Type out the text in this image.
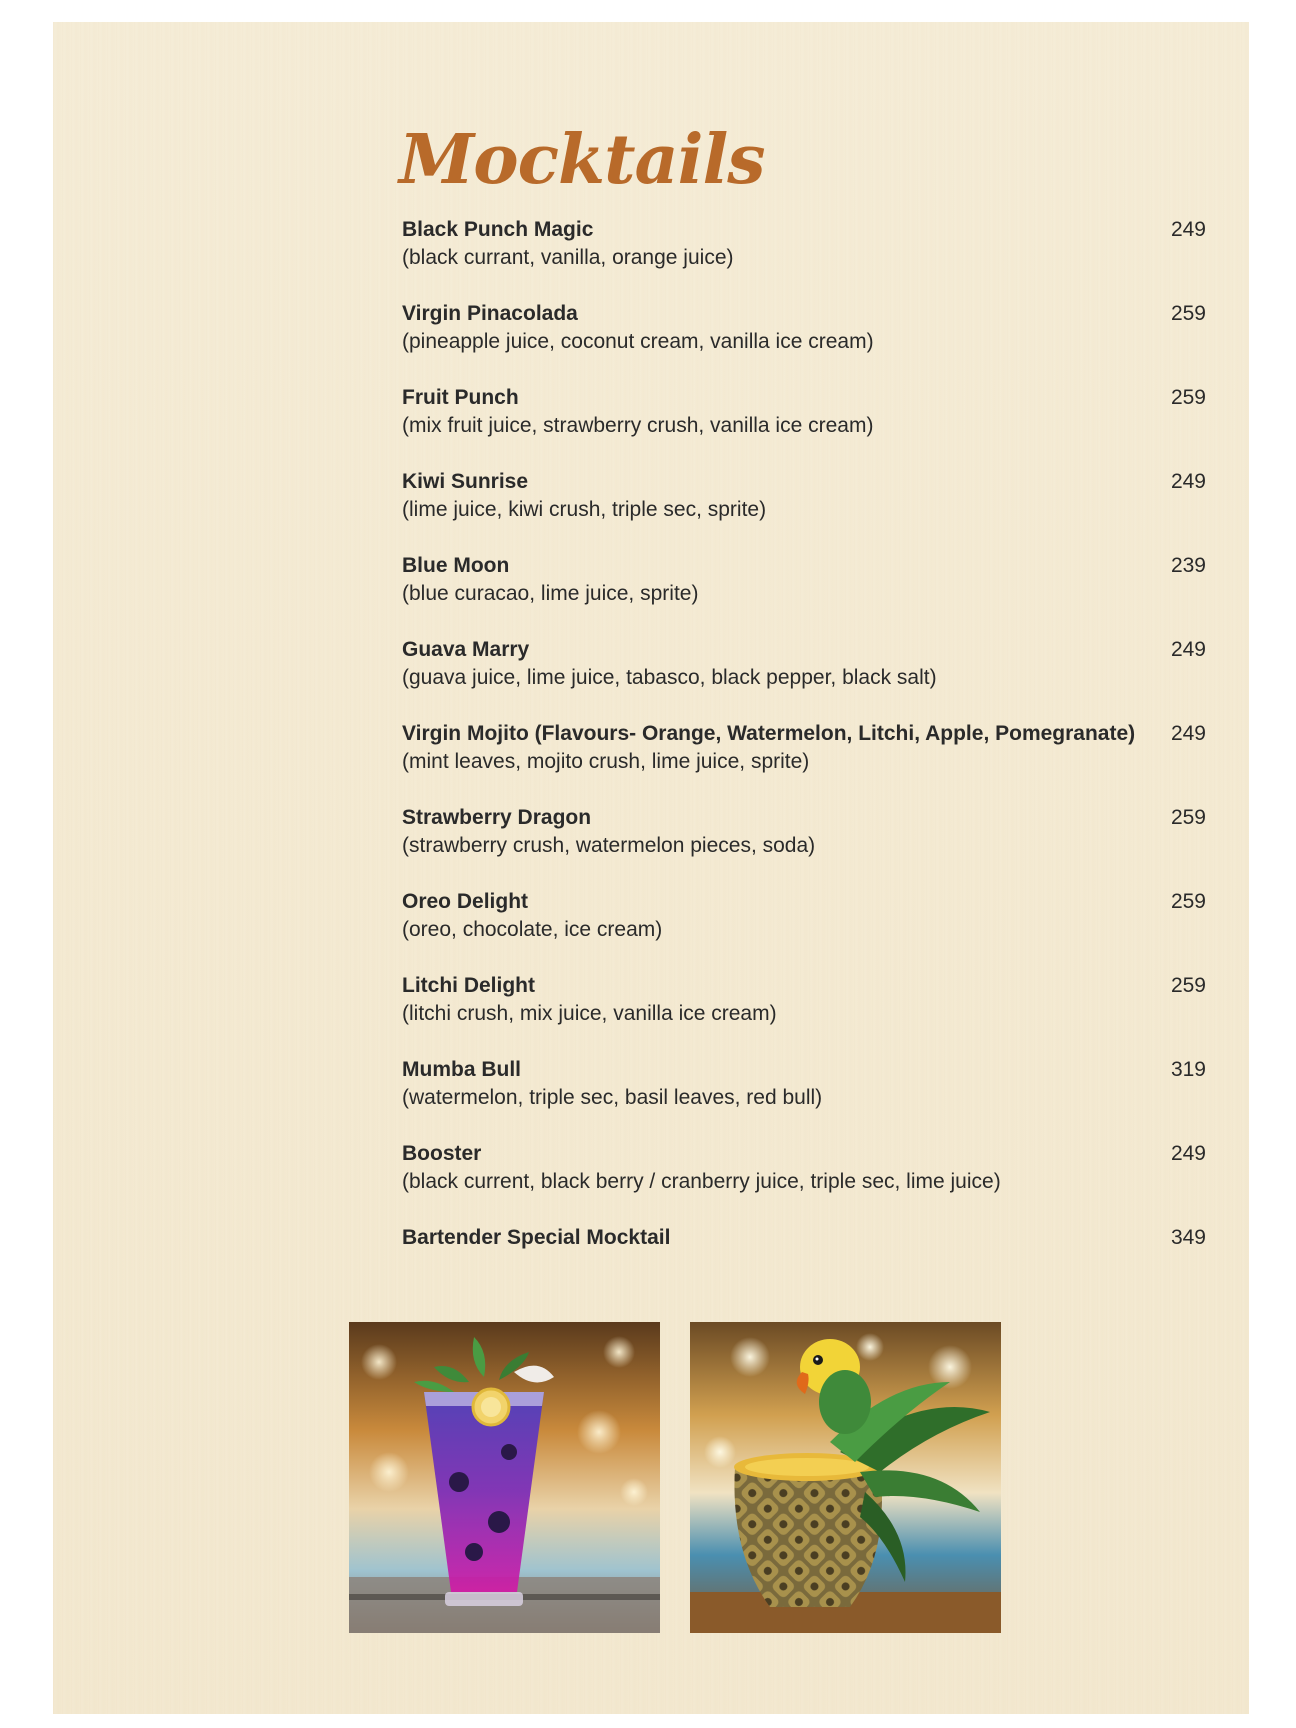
Mocktails
Black Punch Magic
(black currant, vanilla, orange juice)
249
Virgin Pinacolada
(pineapple juice, coconut cream, vanilla ice cream)
259
Fruit Punch
(mix fruit juice, strawberry crush, vanilla ice cream)
259
Kiwi Sunrise
(lime juice, kiwi crush, triple sec, sprite)
249
Blue Moon
(blue curacao, lime juice, sprite)
239
Guava Marry
(guava juice, lime juice, tabasco, black pepper, black salt)
249
Virgin Mojito (Flavours- Orange, Watermelon, Litchi, Apple, Pomegranate)
(mint leaves, mojito crush, lime juice, sprite)
249
Strawberry Dragon
(strawberry crush, watermelon pieces, soda)
259
Oreo Delight
(oreo, chocolate, ice cream)
259
Litchi Delight
(litchi crush, mix juice, vanilla ice cream)
259
Mumba Bull
(watermelon, triple sec, basil leaves, red bull)
319
Booster
(black current, black berry / cranberry juice, triple sec, lime juice)
249
Bartender Special Mocktail	349
